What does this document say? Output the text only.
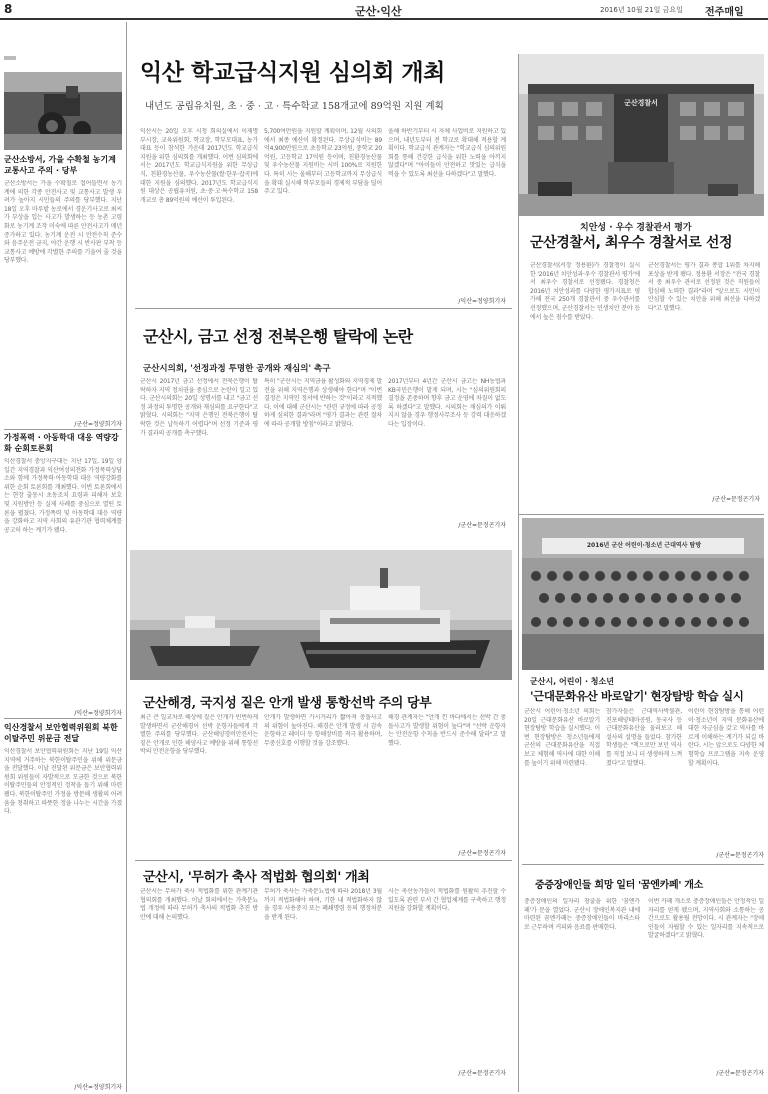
8	군산·익산	2016년 10월 21일 금요일 전주매일
군산소방서, 가을 수확철 농기계 교통사고 주의 · 당부
군산소방서는 가을 수확철로 접어들면서 농기계에 의한 각종 안전사고 및 교통사고 발생 우려가 높아지 시민들의 주의를 당부했다. 지난 18일 오후 마루밭 농로에서 경운기사고로 최씨가 부상을 입는 사고가 발생하는 등 농촌 고령화로 농기계 조작 미숙에 따른 안전사고가 매년 증가하고 있다. 농기계 운전 시 안전수칙 준수와 음주운전 금지, 야간 운행 시 반사판 부착 등 교통사고 예방에 각별한 주의를 기울여 줄 것을 당부했다.
/군산=정양희기자
가정폭력 · 아동학대 대응 역량강화 순회토론회
익산경찰서 중앙지구대는 지난 17일, 19일 양일간 지역경찰과 익산여성의전화 가정폭력상담소와 함께 가정폭력·아동학대 대응 역량강화를 위한 순회 토론회를 개최했다. 이번 토론회에서는 현장 출동시 초동조치 요령과 피해자 보호 및 지원방안 등 실제 사례를 중심으로 열띤 토론을 펼쳤다. 가정폭력 및 아동학대 대응 역량을 강화하고 지역 사회의 유관기관 협력체계를 공고히 하는 계기가 됐다.
/익산=정양희기자
익산경찰서 보안협력위원회 북한이탈주민 위문금 전달
익산경찰서 보안협력위원회는 지난 19일 익산지역에 거주하는 북한이탈주민을 위해 위문금을 전달했다. 이날 전달된 위문금은 보안협력위원회 위원들이 자발적으로 모금한 것으로 북한이탈주민들의 안정적인 정착을 돕기 위해 마련됐다. 북한이탈주민 가정을 방문해 생활의 어려움을 청취하고 따뜻한 정을 나누는 시간을 가졌다.
/익산=정양희기자
익산 학교급식지원 심의회 개최
내년도 공립유치원, 초 · 중 · 고 · 특수학교 158개교에 89억원 지원 계획
익산시는 20일 오후 시청 회의실에서 이재명 부시장, 교육위원회, 학교장, 학부모대표, 농가대표 등이 참석한 가운데 2017년도 학교급식지원을 위한 심의회를 개최했다. 이번 심의회에서는 2017년도 학교급식지원을 위한 무상급식, 친환경농산물, 우수농산물(쌀·한우·잡곡)에 대한 지원을 심의했다. 2017년도 학교급식지원 대상은 공립유치원, 초·중·고·특수학교 158개교로 총 89억원의 예산이 투입된다.
5,700여만원을 지원할 계획이며, 12월 시의회에서 최종 예산이 확정된다. 무상급식비는 89억4,900만원으로 초등학교 23억원, 중학교 20억원, 고등학교 17억원 등이며, 친환경농산물 및 우수농산물 지원비는 시비 100%로 지원한다. 특히 시는 올해부터 고등학교까지 무상급식을 확대 실시해 학부모들의 경제적 부담을 덜어주고 있다.
올해 하반기부터 시 자체 사업비로 지원하고 있으며, 내년도부터 전 학교로 확대해 적용할 계획이다. 학교급식 관계자는 "학교급식 심의위원회를 통해 건강한 급식을 위한 노력을 아끼지 않겠다"며 "아이들이 안전하고 맛있는 급식을 먹을 수 있도록 최선을 다하겠다"고 말했다.
/익산=정양희기자
군산경찰서
치안성 · 우수 경찰관서 평가
군산경찰서, 최우수 경찰서로 선정
군산경찰서(서장 정용환)가 경찰청이 실시한 '2016년 치안성과·우수 경찰관서 평가'에서 최우수 경찰서로 선정됐다. 경찰청은 2016년 치안성과를 다양한 평가지표로 평가해 전국 250개 경찰관서 중 우수관서를 선정했으며, 군산경찰서는 민생치안 분야 등에서 높은 점수를 받았다.
군산경찰서는 평가 결과 종합 1위를 차지해 포상을 받게 됐다. 정용환 서장은 "전국 경찰서 중 최우수 관서로 선정된 것은 직원들이 합심해 노력한 결과"라며 "앞으로도 시민이 안심할 수 있는 치안을 위해 최선을 다하겠다"고 말했다.
/군산=문정곤기자
군산시, 금고 선정 전북은행 탈락에 논란
군산시의회, '선정과정 투명한 공개와 재심의' 촉구
군산시 2017년 금고 선정에서 전북은행이 탈락하자 지역 정치권을 중심으로 논란이 일고 있다. 군산시의회는 20일 성명서를 내고 "금고 선정 과정의 투명한 공개와 재심의를 요구한다"고 밝혔다. 시의회는 "지역 은행인 전북은행이 탈락한 것은 납득하기 어렵다"며 선정 기준과 평가 결과의 공개를 촉구했다.
특히 "군산시는 지역금융 활성화와 지역경제 발전을 위해 지역은행과 상생해야 한다"며 "이번 결정은 지역민 정서에 반하는 것"이라고 지적했다. 이에 대해 군산시는 "관련 규정에 따라 공정하게 심의한 결과"라며 "평가 결과는 관련 절차에 따라 공개할 방침"이라고 밝혔다.
2017년부터 4년간 군산시 금고는 NH농협과 KB국민은행이 맡게 되며, 시는 "심의위원회의 결정을 존중하며 향후 금고 운영에 차질이 없도록 하겠다"고 말했다. 시의회는 재심의가 이뤄지지 않을 경우 행정사무조사 등 강력 대응하겠다는 입장이다.
/군산=문정곤기자
군산해경, 국지성 짙은 안개 발생 통항선박 주의 당부
최근 큰 일교차로 해상에 짙은 안개가 빈번하게 발생하면서 군산해경이 선박 운항자들에게 각별한 주의를 당부했다. 군산해양경비안전서는 짙은 안개로 인한 해양사고 예방을 위해 통항선박의 안전운항을 당부했다.
안개가 발생하면 가시거리가 짧아져 충돌사고의 위험이 높아진다. 해경은 안개 발생 시 감속 운항하고 레이더 등 항해장비를 적극 활용하며, 무중신호를 이행할 것을 강조했다.
해경 관계자는 "안개 낀 바다에서는 선박 간 충돌사고가 발생할 위험이 높다"며 "선박 운항자는 안전운항 수칙을 반드시 준수해 달라"고 말했다.
/군산=문정곤기자
군산시, '무허가 축사 적법화 협의회' 개최
군산시는 무허가 축사 적법화를 위한 관계기관 협의회를 개최했다. 이날 회의에서는 가축분뇨법 개정에 따라 무허가 축사의 적법화 추진 방안에 대해 논의했다.
무허가 축사는 가축분뇨법에 따라 2018년 3월까지 적법화해야 하며, 기한 내 적법화하지 않을 경우 사용중지 또는 폐쇄명령 등의 행정처분을 받게 된다.
시는 축산농가들이 적법화를 원활히 추진할 수 있도록 관련 부서 간 협업체계를 구축하고 행정지원을 강화할 계획이다.
/군산=문정곤기자
2016년 군산 어린이·청소년 근대역사 탐방
군산시, 어린이 · 청소년
'근대문화유산 바로알기' 현장탐방 학습 실시
군산시 어린이·청소년 의회는 20일 근대문화유산 바로알기 현장탐방 학습을 실시했다. 이번 현장탐방은 청소년들에게 군산의 근대문화유산을 직접 보고 체험해 역사에 대한 이해를 높이기 위해 마련됐다.
참가자들은 근대역사박물관, 진포해양테마공원, 동국사 등 근대문화유산을 둘러보고 해설사의 설명을 들었다. 참가한 학생들은 "책으로만 보던 역사를 직접 보니 더 생생하게 느껴졌다"고 말했다.
어린이 현장탐방을 통해 어린이·청소년이 지역 문화유산에 대한 자긍심을 갖고 역사를 바르게 이해하는 계기가 되길 바란다. 시는 앞으로도 다양한 체험학습 프로그램을 지속 운영할 계획이다.
/군산=문정곤기자
중증장애인들 희망 일터 '꿈엔카페' 개소
중증장애인의 일자리 창출을 위한 '꿈엔카페'가 문을 열었다. 군산시 장애인복지관 내에 마련된 꿈엔카페는 중증장애인들이 바리스타로 근무하며 커피와 음료를 판매한다.
이번 카페 개소로 중증장애인들은 안정적인 일자리를 얻게 됐으며, 지역사회와 소통하는 공간으로도 활용될 전망이다. 시 관계자는 "장애인들이 자립할 수 있는 일자리를 지속적으로 발굴하겠다"고 밝혔다.
/군산=문정곤기자
